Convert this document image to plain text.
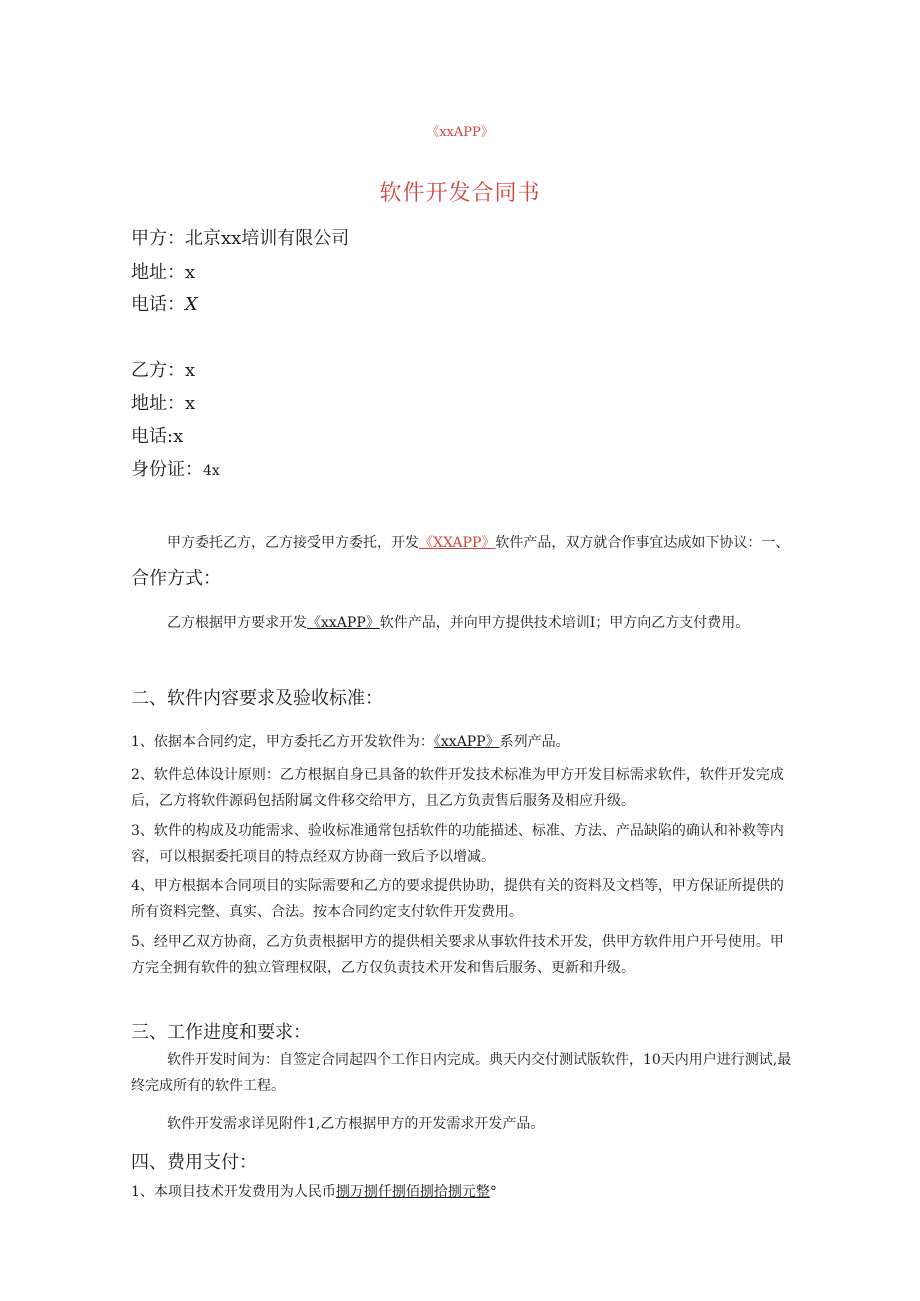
《xxAPP》
软件开发合同书
甲方：北京xx培训有限公司
地址：x
电话：X
乙方：x
地址：x
电话:x
身份证：4x
甲方委托乙方，乙方接受甲方委托，开发《XXAPP》软件产品，双方就合作事宜达成如下协议：一、
合作方式：
乙方根据甲方要求开发《xxAPP》软件产品，并向甲方提供技术培训I；甲方向乙方支付费用。
二、软件内容要求及验收标准：
1、依据本合同约定，甲方委托乙方开发软件为：《xxAPP》系列产品。
2、软件总体设计原则：乙方根据自身已具备的软件开发技术标准为甲方开发目标需求软件，软件开发完成
后，乙方将软件源码包括附属文件移交给甲方，且乙方负责售后服务及相应升级。
3、软件的构成及功能需求、验收标准通常包括软件的功能描述、标准、方法、产品缺陷的确认和补救等内
容，可以根据委托项目的特点经双方协商一致后予以增减。
4、甲方根据本合同项目的实际需要和乙方的要求提供协助，提供有关的资料及文档等，甲方保证所提供的
所有资料完整、真实、合法。按本合同约定支付软件开发费用。
5、经甲乙双方协商，乙方负责根据甲方的提供相关要求从事软件技术开发，供甲方软件用户开号使用。甲
方完全拥有软件的独立管理权限，乙方仅负责技术开发和售后服务、更新和升级。
三、工作进度和要求：
软件开发时间为：自签定合同起四个工作日内完成。典天内交付测试版软件，10天内用户进行测试,最
终完成所有的软件工程。
软件开发需求详见附件1,乙方根据甲方的开发需求开发产品。
四、费用支付：
1、本项目技术开发费用为人民币捌万捌仟捌佰捌拾捌元整°
